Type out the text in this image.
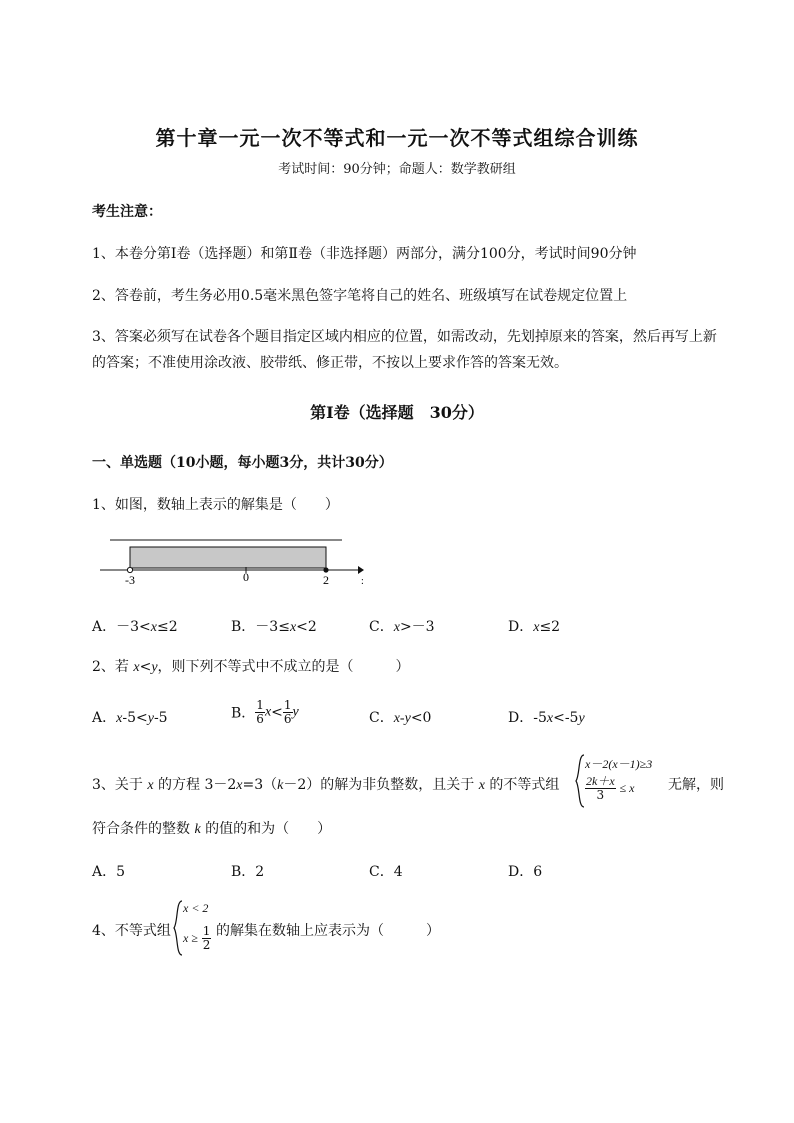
第十章一元一次不等式和一元一次不等式组综合训练
考试时间：90分钟；命题人：数学教研组
考生注意：
1、本卷分第I卷（选择题）和第Ⅱ卷（非选择题）两部分，满分100分，考试时间90分钟
2、答卷前，考生务必用0.5毫米黑色签字笔将自己的姓名、班级填写在试卷规定位置上
3、答案必须写在试卷各个题目指定区域内相应的位置，如需改动，先划掉原来的答案，然后再写上新
的答案；不准使用涂改液、胶带纸、修正带，不按以上要求作答的答案无效。
第I卷（选择题　30分）
一、单选题（10小题，每小题3分，共计30分）
1、如图，数轴上表示的解集是（　　）
-3	0	2	:
A．－3<x≤2	B．－3≤x<2	C．x>－3	D．x≤2
2、若 x<y，则下列不等式中不成立的是（　　　）
A．x-5<y-5	B． $\frac{1}{6} x< \frac{1}{6}$ y	C．x-y<0	D．-5x<-5y
3、关于 x 的方程 3－2x=3（k－2）的解为非负整数，且关于 x 的不等式组
x－2(x－1)≥3
$\frac{2k+x}{3} \le x$ 无解，则
符合条件的整数 k 的值的和为（　　）
A．5	B．2	C．4	D．6
4、不等式组
x < 2
$x \ge \frac{1}{2}$ 的解集在数轴上应表示为（　　　）
